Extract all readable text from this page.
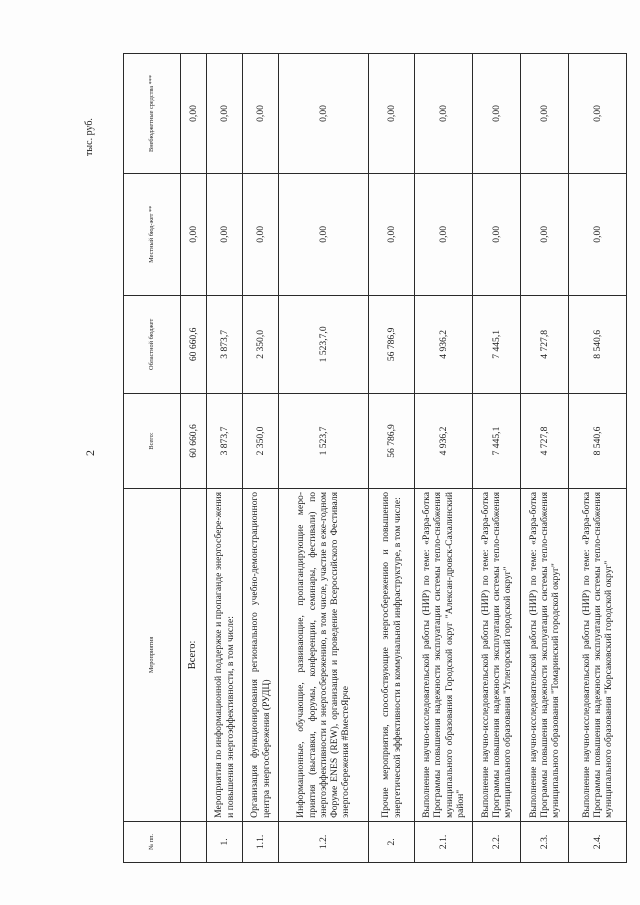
2
тыс. руб.
№ пп.	Мероприятия	Всего:	Областной бюджет	Местный бюд-жет **	Внебюджетные средства ***
	Всего:	60 660,6	60 660,6	0,00	0,00
1.	Мероприятия по информационной поддержке и пропаганде энергосбере-жения и повышения энергоэффективности, в том числе:	3 873,7	3 873,7	0,00	0,00
1.1.	Организация функционирования регионального учебно-демонстрационного центра энергосбережения (РУДЦ)	2 350,0	2 350,0	0,00	0,00
1.2.	Информационные, обучающие, развивающие, пропагандирующие меро-приятия (выставки, форумы, конференции, семинары, фестивали) по энергоэффективности и энергосбережению, в том числе, участие в еже-годном Форуме ENES (REW), организация и проведение Всероссийского Фестиваля энергосбережения #ВместеЯрче	1 523,7	1 523,7,0	0,00	0,00
2.	Прочие мероприятия, способствующие энергосбережению и повышению энергетической эффективности в коммунальной инфраструктуре, в том числе:	56 786,9	56 786,9	0,00	0,00
2.1.	Выполнение научно-исследовательской работы (НИР) по теме: «Разра-ботка Программы повышения надежности эксплуатации системы тепло-снабжения муниципального образования Городской округ "Алексан-дровск-Сахалинский район"	4 936,2	4 936,2	0,00	0,00
2.2.	Выполнение научно-исследовательской работы (НИР) по теме: «Разра-ботка Программы повышения надежности эксплуатации системы тепло-снабжения муниципального образования "Углегорский городской округ"	7 445,1	7 445,1	0,00	0,00
2.3.	Выполнение научно-исследовательской работы (НИР) по теме: «Разра-ботка Программы повышения надежности эксплуатации системы тепло-снабжения муниципального образования "Томаринский городской округ"	4 727,8	4 727,8	0,00	0,00
2.4.	Выполнение научно-исследовательской работы (НИР) по теме: «Разра-ботка Программы повышения надежности эксплуатации системы тепло-снабжения муниципального образования "Корсаковский городской округ"	8 540,6	8 540,6	0,00	0,00
